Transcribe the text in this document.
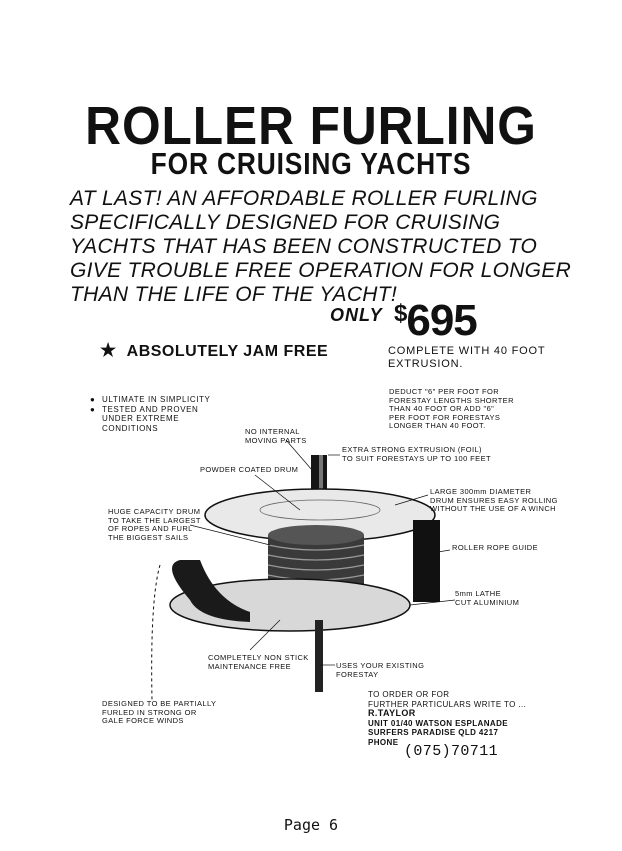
ROLLER FURLING
FOR CRUISING YACHTS
AT LAST! AN AFFORDABLE ROLLER FURLING
SPECIFICALLY DESIGNED FOR CRUISING
YACHTS THAT HAS BEEN CONSTRUCTED TO
GIVE TROUBLE FREE OPERATION FOR LONGER
THAN THE LIFE OF THE YACHT!
ONLY $695
★ ABSOLUTELY JAM FREE	COMPLETE WITH 40 FOOT
EXTRUSION.
● ULTIMATE IN SIMPLICITY
● TESTED AND PROVEN
UNDER EXTREME
CONDITIONS
DEDUCT "6" PER FOOT FOR
FORESTAY LENGTHS SHORTER
THAN 40 FOOT OR ADD "6"
PER FOOT FOR FORESTAYS
LONGER THAN 40 FOOT.
NO INTERNAL
MOVING PARTS
EXTRA STRONG EXTRUSION (FOIL)
TO SUIT FORESTAYS UP TO 100 FEET
POWDER COATED DRUM
LARGE 300mm DIAMETER
DRUM ENSURES EASY ROLLING
WITHOUT THE USE OF A WINCH
HUGE CAPACITY DRUM
TO TAKE THE LARGEST
OF ROPES AND FURL
THE BIGGEST SAILS
ROLLER ROPE GUIDE
5mm LATHE
CUT ALUMINIUM
COMPLETELY NON STICK
MAINTENANCE FREE	USES YOUR EXISTING
FORESTAY
DESIGNED TO BE PARTIALLY
FURLED IN STRONG OR
GALE FORCE WINDS
TO ORDER OR FOR
FURTHER PARTICULARS WRITE TO ...
R.TAYLOR
UNIT 01/40 WATSON ESPLANADE
SURFERS PARADISE QLD 4217
PHONE
(075)70711
Page 6
